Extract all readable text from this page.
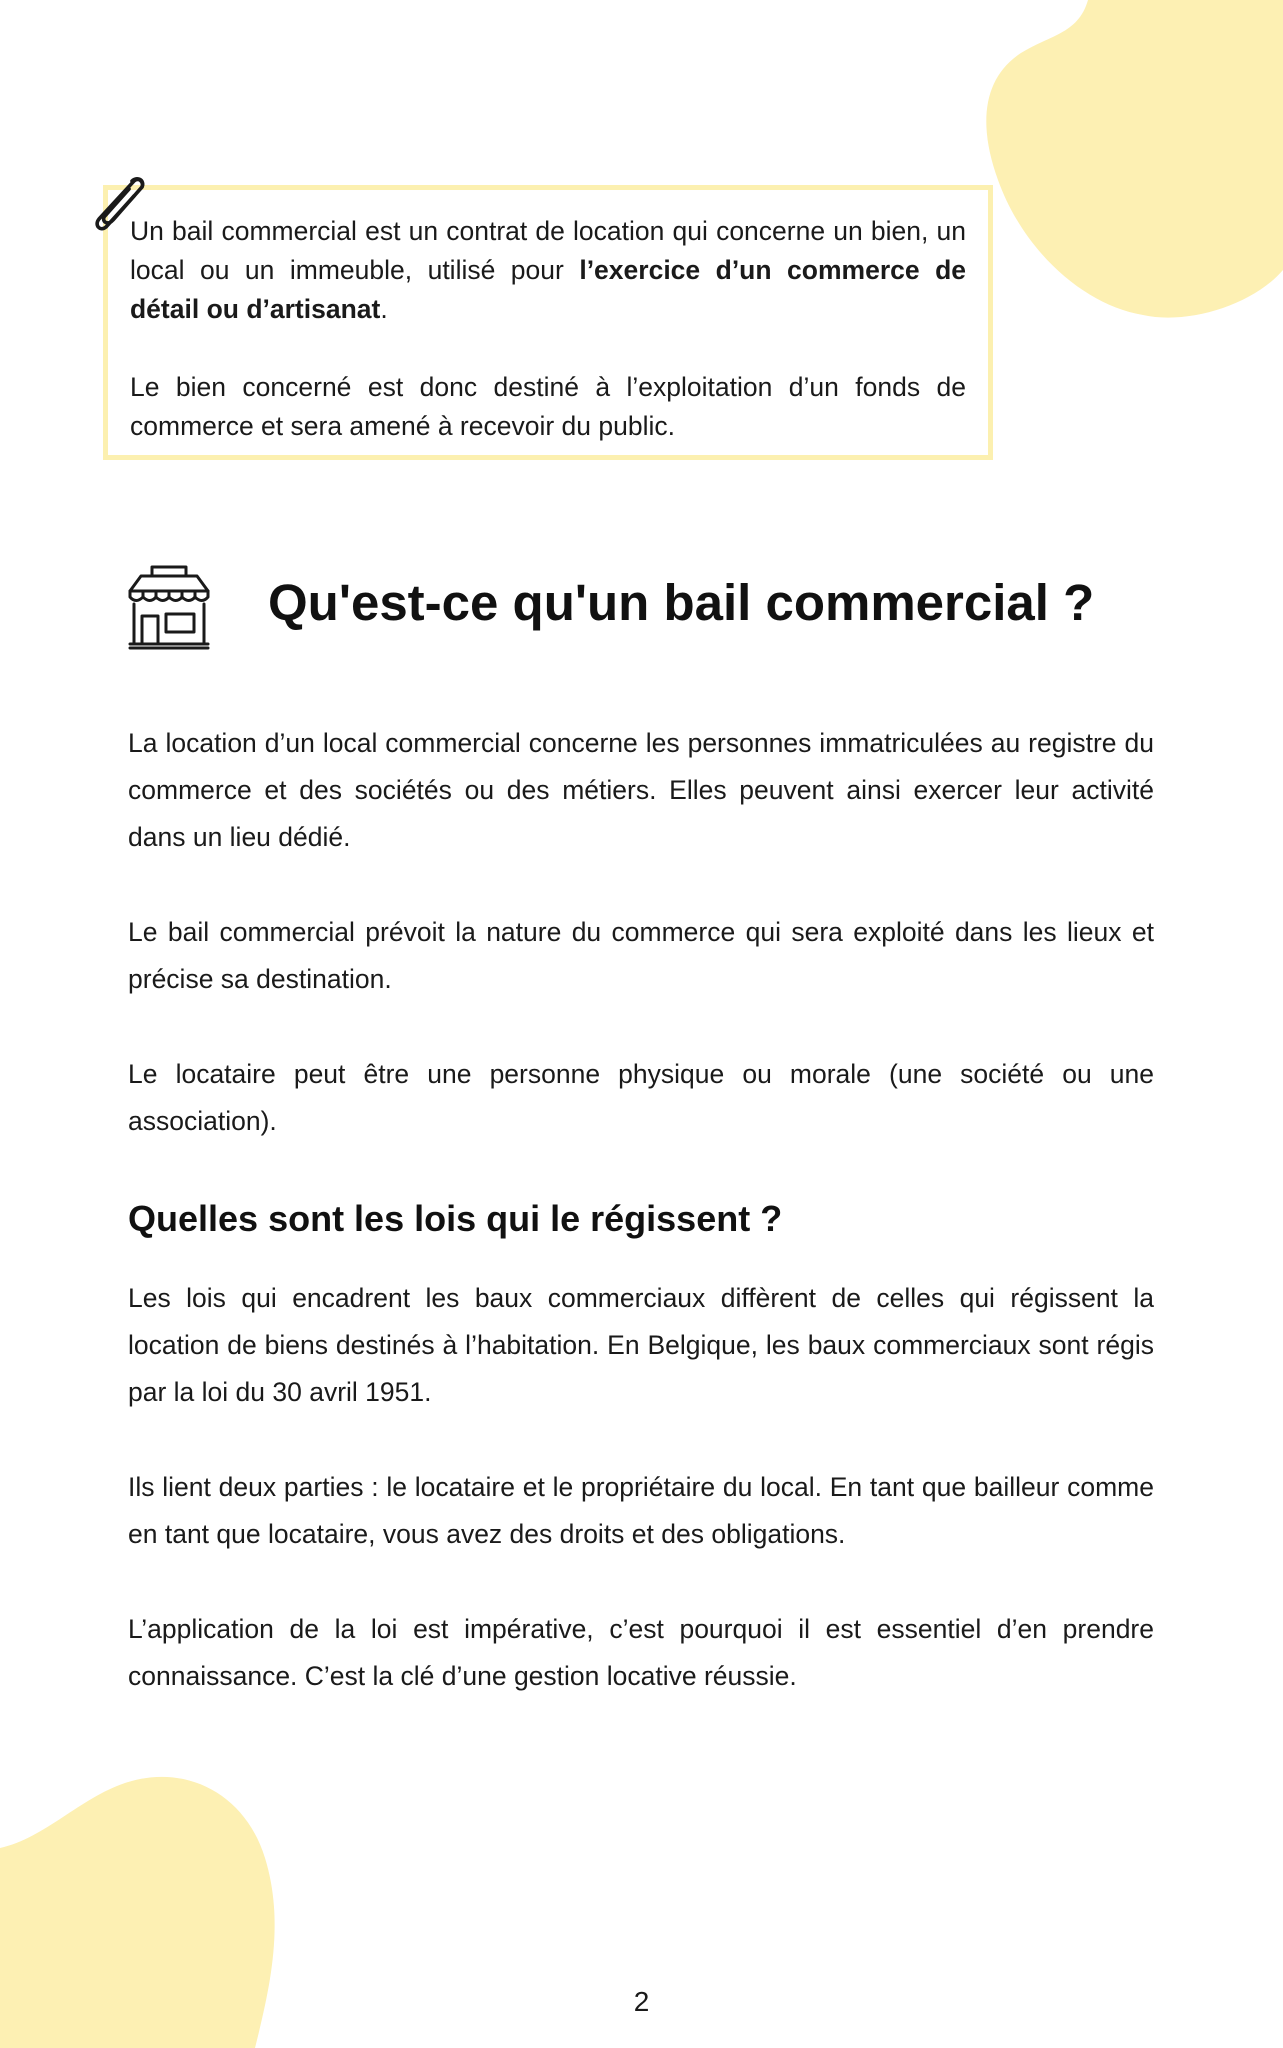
Un bail commercial est un contrat de location qui concerne un bien, un local ou un immeuble, utilisé pour l’exercice d’un commerce de détail ou d’artisanat.

Le bien concerné est donc destiné à l’exploitation d’un fonds de commerce et sera amené à recevoir du public.

Qu'est-ce qu'un bail commercial ?

La location d’un local commercial concerne les personnes immatriculées au registre du commerce et des sociétés ou des métiers. Elles peuvent ainsi exercer leur activité dans un lieu dédié.

Le bail commercial prévoit la nature du commerce qui sera exploité dans les lieux et précise sa destination.

Le locataire peut être une personne physique ou morale (une société ou une association).

Quelles sont les lois qui le régissent ?

Les lois qui encadrent les baux commerciaux diffèrent de celles qui régissent la location de biens destinés à l’habitation. En Belgique, les baux commerciaux sont régis par la loi du 30 avril 1951.

Ils lient deux parties : le locataire et le propriétaire du local. En tant que bailleur comme en tant que locataire, vous avez des droits et des obligations.

L’application de la loi est impérative, c’est pourquoi il est essentiel d’en prendre connaissance. C’est la clé d’une gestion locative réussie.

2
